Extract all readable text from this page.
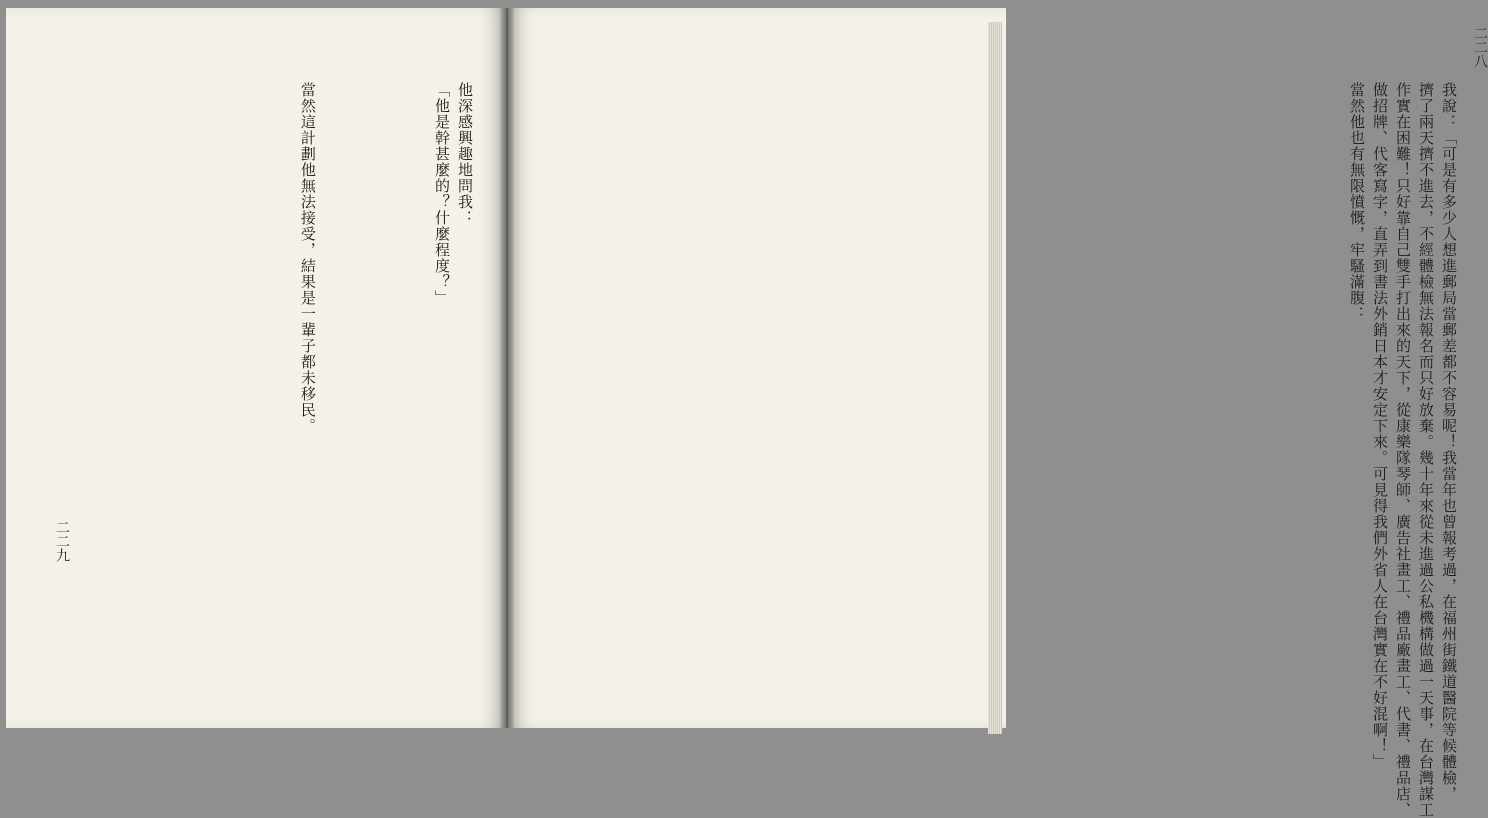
二二九
他深感興趣地問我：
「他是幹甚麼的？什麼程度？」
當然這計劃他無法接受，結果是一輩子都未移民。
二二八
我說：「可是有多少人想進郵局當郵差都不容易呢！我當年也曾報考過，在福州街鐵道醫院等候體檢，
擠了兩天擠不進去，不經體檢無法報名而只好放棄。幾十年來從未進過公私機構做過一天事，在台灣謀工
作實在困難！只好靠自己雙手打出來的天下，從康樂隊琴師、廣告社畫工、禮品廠畫工、代書、禮品店、
做招牌、代客寫字，直弄到書法外銷日本才安定下來。可見得我們外省人在台灣實在不好混啊！」
當然他也有無限憤慨，牢騷滿腹：
